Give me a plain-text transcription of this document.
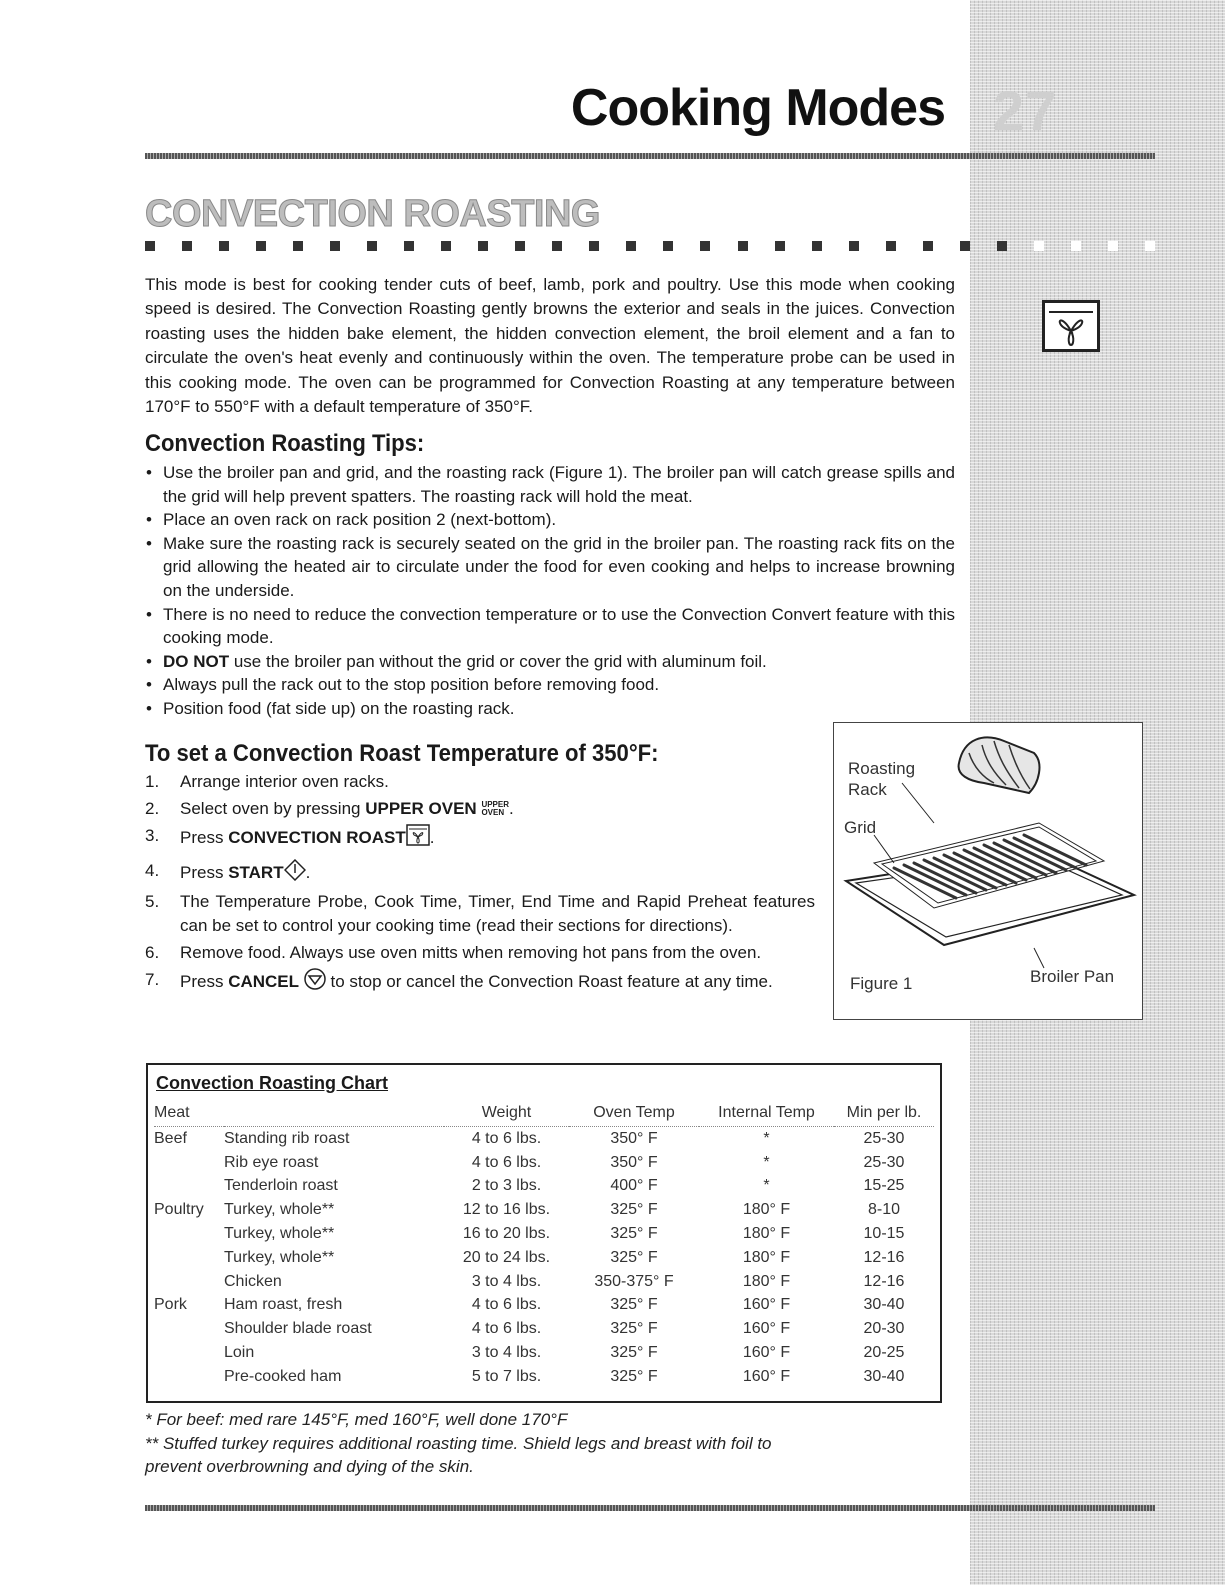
Cooking Modes 27
CONVECTION ROASTING
This mode is best for cooking tender cuts of beef, lamb, pork and poultry. Use this mode when cooking speed is desired. The Convection Roasting gently browns the exterior and seals in the juices. Convection roasting uses the hidden bake element, the hidden convection element, the broil element and a fan to circulate the oven's heat evenly and continuously within the oven. The temperature probe can be used in this cooking mode. The oven can be programmed for Convection Roasting at any temperature between 170°F to 550°F with a default temperature of 350°F.
Convection Roasting Tips:
• Use the broiler pan and grid, and the roasting rack (Figure 1). The broiler pan will catch grease spills and the grid will help prevent spatters. The roasting rack will hold the meat.
• Place an oven rack on rack position 2 (next-bottom).
• Make sure the roasting rack is securely seated on the grid in the broiler pan. The roasting rack fits on the grid allowing the heated air to circulate under the food for even cooking and helps to increase browning on the underside.
• There is no need to reduce the convection temperature or to use the Convection Convert feature with this cooking mode.
• DO NOT use the broiler pan without the grid or cover the grid with aluminum foil.
• Always pull the rack out to the stop position before removing food.
• Position food (fat side up) on the roasting rack.
To set a Convection Roast Temperature of 350°F:
1. Arrange interior oven racks.
2. Select oven by pressing UPPER OVEN UPPER
OVEN .
3. Press CONVECTION ROAST .
4. Press START .
5. The Temperature Probe, Cook Time, Timer, End Time and Rapid Preheat features can be set to control your cooking time (read their sections for directions).
6. Remove food. Always use oven mitts when removing hot pans from the oven.
7. Press CANCEL  to stop or cancel the Convection Roast feature at any time.
Roasting Rack
Grid
Broiler Pan
Figure 1
Convection Roasting Chart
Meat		Weight	Oven Temp	Internal Temp	Min per lb.
Beef	Standing rib roast	4 to 6 lbs.	350° F	*	25-30
	Rib eye roast	4 to 6 lbs.	350° F	*	25-30
	Tenderloin roast	2 to 3 lbs.	400° F	*	15-25
Poultry	Turkey, whole**	12 to 16 lbs.	325° F	180° F	8-10
	Turkey, whole**	16 to 20 lbs.	325° F	180° F	10-15
	Turkey, whole**	20 to 24 lbs.	325° F	180° F	12-16
	Chicken	3 to 4 lbs.	350-375° F	180° F	12-16
Pork	Ham roast, fresh	4 to 6 lbs.	325° F	160° F	30-40
	Shoulder blade roast	4 to 6 lbs.	325° F	160° F	20-30
	Loin	3 to 4 lbs.	325° F	160° F	20-25
	Pre-cooked ham	5 to 7 lbs.	325° F	160° F	30-40
* For beef: med rare 145°F, med 160°F, well done 170°F
** Stuffed turkey requires additional roasting time. Shield legs and breast with foil to
prevent overbrowning and dying of the skin.
